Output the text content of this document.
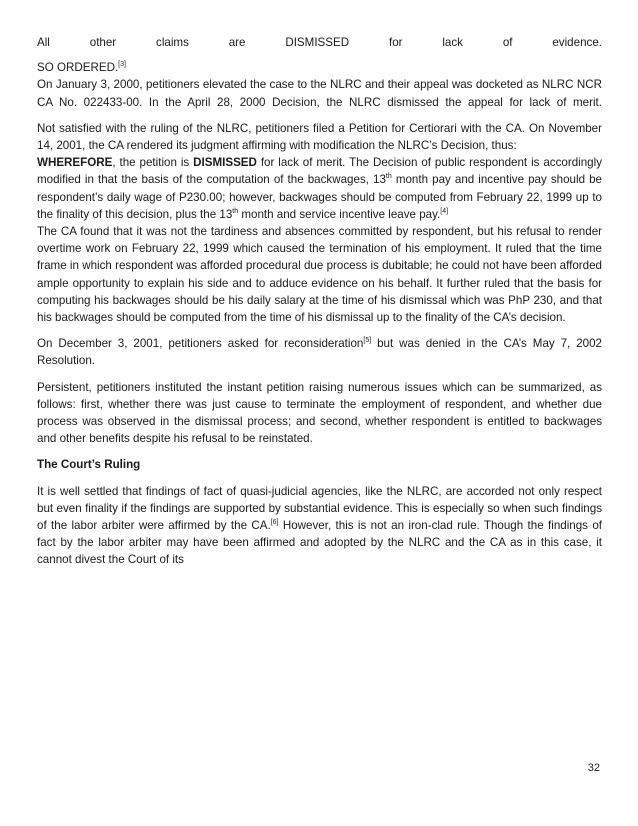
All other claims are DISMISSED for lack of evidence.

SO ORDERED.[3]

On January 3, 2000, petitioners elevated the case to the NLRC and their appeal was docketed as NLRC NCR CA No. 022433-00. In the April 28, 2000 Decision, the NLRC dismissed the appeal for lack of merit.

Not satisfied with the ruling of the NLRC, petitioners filed a Petition for Certiorari with the CA. On November 14, 2001, the CA rendered its judgment affirming with modification the NLRC’s Decision, thus:

WHEREFORE, the petition is DISMISSED for lack of merit. The Decision of public respondent is accordingly modified in that the basis of the computation of the backwages, 13th month pay and incentive pay should be respondent’s daily wage of P230.00; however, backwages should be computed from February 22, 1999 up to the finality of this decision, plus the 13th month and service incentive leave pay.[4]

The CA found that it was not the tardiness and absences committed by respondent, but his refusal to render overtime work on February 22, 1999 which caused the termination of his employment. It ruled that the time frame in which respondent was afforded procedural due process is dubitable; he could not have been afforded ample opportunity to explain his side and to adduce evidence on his behalf. It further ruled that the basis for computing his backwages should be his daily salary at the time of his dismissal which was PhP 230, and that his backwages should be computed from the time of his dismissal up to the finality of the CA’s decision.

On December 3, 2001, petitioners asked for reconsideration[5] but was denied in the CA’s May 7, 2002 Resolution.

Persistent, petitioners instituted the instant petition raising numerous issues which can be summarized, as follows: first, whether there was just cause to terminate the employment of respondent, and whether due process was observed in the dismissal process; and second, whether respondent is entitled to backwages and other benefits despite his refusal to be reinstated.

The Court’s Ruling

It is well settled that findings of fact of quasi-judicial agencies, like the NLRC, are accorded not only respect but even finality if the findings are supported by substantial evidence. This is especially so when such findings of the labor arbiter were affirmed by the CA.[6] However, this is not an iron-clad rule. Though the findings of fact by the labor arbiter may have been affirmed and adopted by the NLRC and the CA as in this case, it cannot divest the Court of its

32
